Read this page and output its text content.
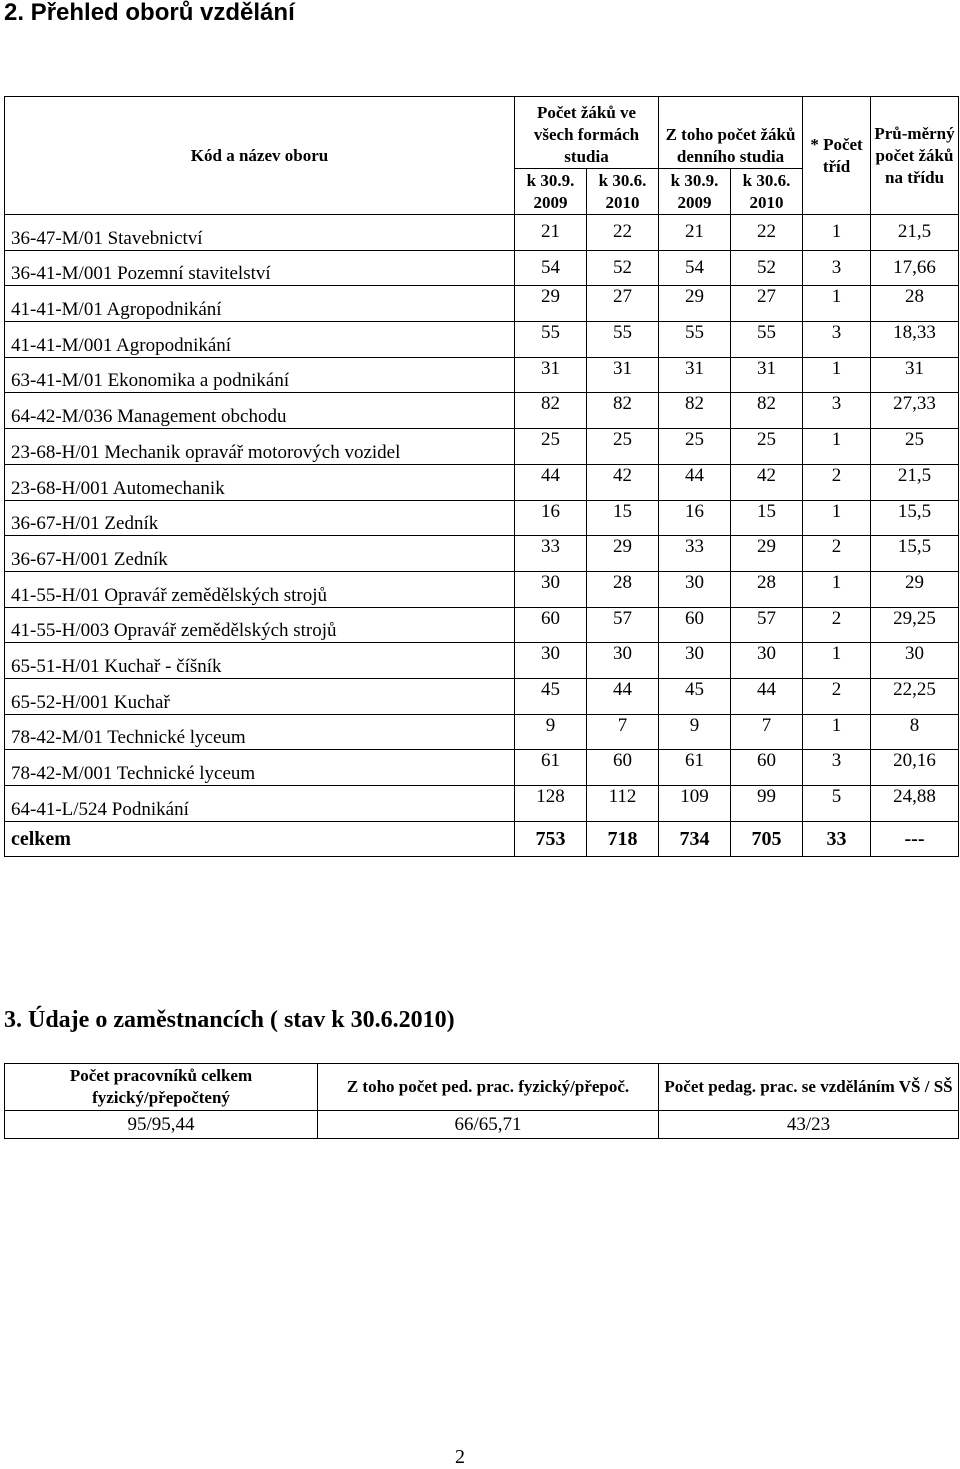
2. Přehled oborů vzdělání
Kód a název oboru	Počet žáků ve všech formách studia		Z toho počet žáků denního studia		* Počet tříd	Prů-měrný počet žáků na třídu
	k 30.9. 2009	k 30.6. 2010	k 30.9. 2009	k 30.6. 2010		
36-47-M/01 Stavebnictví	21	22	21	22	1	21,5
36-41-M/001 Pozemní stavitelství	54	52	54	52	3	17,66
41-41-M/01 Agropodnikání	29	27	29	27	1	28
41-41-M/001 Agropodnikání	55	55	55	55	3	18,33
63-41-M/01 Ekonomika a podnikání	31	31	31	31	1	31
64-42-M/036 Management obchodu	82	82	82	82	3	27,33
23-68-H/01 Mechanik opravář motorových vozidel	25	25	25	25	1	25
23-68-H/001 Automechanik	44	42	44	42	2	21,5
36-67-H/01 Zedník	16	15	16	15	1	15,5
36-67-H/001 Zedník	33	29	33	29	2	15,5
41-55-H/01 Opravář zemědělských strojů	30	28	30	28	1	29
41-55-H/003 Opravář zemědělských strojů	60	57	60	57	2	29,25
65-51-H/01 Kuchař - číšník	30	30	30	30	1	30
65-52-H/001 Kuchař	45	44	45	44	2	22,25
78-42-M/01 Technické lyceum	9	7	9	7	1	8
78-42-M/001 Technické lyceum	61	60	61	60	3	20,16
64-41-L/524 Podnikání	128	112	109	99	5	24,88
celkem	753	718	734	705	33	---
3. Údaje o zaměstnancích ( stav k 30.6.2010)
Počet pracovníků celkem fyzický/přepočtený	Z toho počet ped. prac. fyzický/přepoč.	Počet pedag. prac. se vzděláním VŠ / SŠ
95/95,44	66/65,71	43/23
2
